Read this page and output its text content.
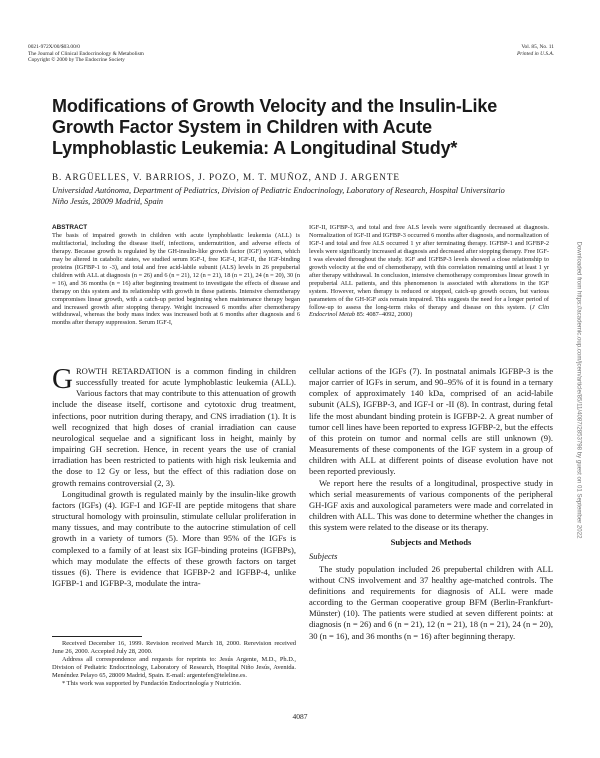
0021-972X/00/$03.00/0
The Journal of Clinical Endocrinology & Metabolism
Copyright © 2000 by The Endocrine Society
Vol. 85, No. 11
Printed in U.S.A.
Modifications of Growth Velocity and the Insulin-Like Growth Factor System in Children with Acute Lymphoblastic Leukemia: A Longitudinal Study*
B. ARGÜELLES, V. BARRIOS, J. POZO, M. T. MUÑOZ, AND J. ARGENTE
Universidad Autónoma, Department of Pediatrics, Division of Pediatric Endocrinology, Laboratory of Research, Hospital Universitario Niño Jesús, 28009 Madrid, Spain
ABSTRACT
The basis of impaired growth in children with acute lymphoblastic leukemia (ALL) is multifactorial, including the disease itself, infections, undernutrition, and adverse effects of therapy. Because growth is regulated by the GH-insulin-like growth factor (IGF) system, which may be altered in catabolic states, we studied serum IGF-I, free IGF-I, IGF-II, the IGF-binding proteins (IGFBP-1 to -3), and total and free acid-labile subunit (ALS) levels in 26 prepubertal children with ALL at diagnosis (n = 26) and 6 (n = 21), 12 (n = 21), 18 (n = 21), 24 (n = 20), 30 (n = 16), and 36 months (n = 16) after beginning treatment to investigate the effects of disease and therapy on this system and its relationship with growth in these patients. Intensive chemotherapy compromises linear growth, with a catch-up period beginning when maintenance therapy began and increased growth after stopping therapy. Weight increased 6 months after chemotherapy withdrawal, whereas the body mass index was increased both at 6 months after diagnosis and 6 months after therapy suppression. Serum IGF-I,
IGF-II, IGFBP-3, and total and free ALS levels were significantly decreased at diagnosis. Normalization of IGF-II and IGFBP-3 occurred 6 months after diagnosis, and normalization of IGF-I and total and free ALS occurred 1 yr after terminating therapy. IGFBP-1 and IGFBP-2 levels were significantly increased at diagnosis and decreased after stopping therapy. Free IGF-I was elevated throughout the study. IGF and IGFBP-3 levels showed a close relationship to growth velocity at the end of chemotherapy, with this correlation remaining until at least 1 yr after therapy withdrawal. In conclusion, intensive chemotherapy compromises linear growth in prepubertal ALL patients, and this phenomenon is associated with alterations in the IGF system. However, when therapy is reduced or stopped, catch-up growth occurs, but various parameters of the GH-IGF axis remain impaired. This suggests the need for a longer period of follow-up to assess the long-term risks of therapy and disease on this system. (J Clin Endocrinol Metab 85: 4087–4092, 2000)	Downloaded from https://academic.oup.com/jcem/article/85/11/4087/2853798 by guest on 01 September 2022

GROWTH RETARDATION is a common finding in children successfully treated for acute lymphoblastic leukemia (ALL). Various factors that may contribute to this attenuation of growth include the disease itself, cortisone and cytotoxic drug treatment, infections, poor nutrition during therapy, and CNS irradiation (1). It is well recognized that high doses of cranial irradiation can cause neurological sequelae and a significant loss in height, mainly by impairing GH secretion. Hence, in recent years the use of cranial irradiation has been restricted to patients with high risk leukemia and the dose to 12 Gy or less, but the effect of this radiation dose on growth remains controversial (2, 3).

Longitudinal growth is regulated mainly by the insulin-like growth factors (IGFs) (4). IGF-I and IGF-II are peptide mitogens that share structural homology with proinsulin, stimulate cellular proliferation in many tissues, and may contribute to the autocrine stimulation of cell growth in a variety of tumors (5). More than 95% of the IGFs is complexed to a family of at least six IGF-binding proteins (IGFBPs), which may modulate the effects of these growth factors on target tissues (6). There is evidence that IGFBP-2 and IGFBP-4, unlike IGFBP-1 and IGFBP-3, modulate the intra-

cellular actions of the IGFs (7). In postnatal animals IGFBP-3 is the major carrier of IGFs in serum, and 90–95% of it is found in a ternary complex of approximately 140 kDa, comprised of an acid-labile subunit (ALS), IGFBP-3, and IGF-I or -II (8). In contrast, during fetal life the most abundant binding protein is IGFBP-2. A great number of tumor cell lines have been reported to express IGFBP-2, but the effects of this protein on tumor and normal cells are still unknown (9). Measurements of these components of the IGF system in a group of children with ALL at different points of disease evolution have not been reported previously.

We report here the results of a longitudinal, prospective study in which serial measurements of various components of the peripheral GH-IGF axis and auxological parameters were made and correlated in children with ALL. This was done to determine whether the changes in this system were related to the disease or its therapy.

Subjects and Methods
Subjects

The study population included 26 prepubertal children with ALL without CNS involvement and 37 healthy age-matched controls. The definitions and requirements for diagnosis of ALL were made according to the German cooperative group BFM (Berlin-Frankfurt-Münster) (10). The patients were studied at seven different points: at diagnosis (n = 26) and 6 (n = 21), 12 (n = 21), 18 (n = 21), 24 (n = 20), 30 (n = 16), and 36 months (n = 16) after beginning therapy.

Received December 16, 1999. Revision received March 18, 2000. Rerevision received June 26, 2000. Accepted July 28, 2000.

Address all correspondence and requests for reprints to: Jesús Argente, M.D., Ph.D., Division of Pediatric Endocrinology, Laboratory of Research, Hospital Niño Jesús, Avenida. Menéndez Pelayo 65, 28009 Madrid, Spain. E-mail: argentefen@teleline.es.

* This work was supported by Fundación Endocrinología y Nutrición.

4087
